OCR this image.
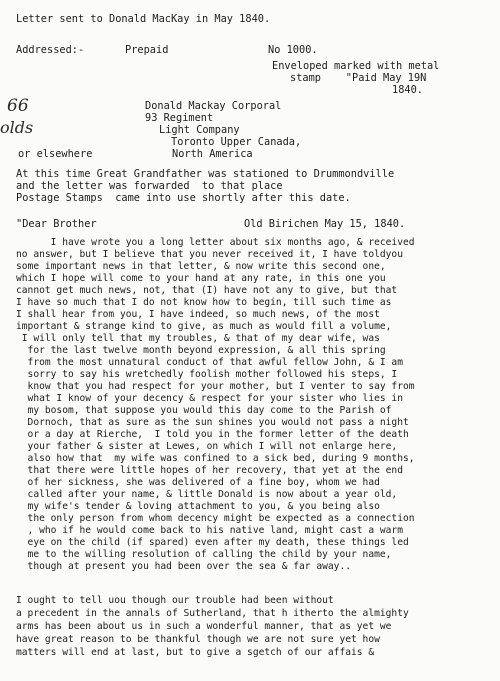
Letter sent to Donald MacKay in May 1840.
Addressed:-	Prepaid	No 1000.
Enveloped marked with metal
stamp    "Paid May 19N
1840.
66
olds
Donald Mackay Corporal
93 Regiment
Light Company
Toronto Upper Canada,
or elsewhere	North America
At this time Great Grandfather was stationed to Drummondville
and the letter was forwarded  to that place
Postage Stamps  came into use shortly after this date.
"Dear Brother	Old Birichen May 15, 1840.
I have wrote you a long letter about six months ago, & received
no answer, but I believe that you never received it, I have toldyou
some important news in that letter, & now write this second one,
which I hope will come to your hand at any rate, in this one you
cannot get much news, not, that (I) have not any to give, but that
I have so much that I do not know how to begin, till such time as
I shall hear from you, I have indeed, so much news, of the most
important & strange kind to give, as much as would fill a volume,
I will only tell that my troubles, & that of my dear wife, was
for the last twelve month beyond expression, & all this spring
from the most unnatural conduct of that awful fellow John, & I am
sorry to say his wretchedly foolish mother followed his steps, I
know that you had respect for your mother, but I venter to say from
what I know of your decency & respect for your sister who lies in
my bosom, that suppose you would this day come to the Parish of
Dornoch, that as sure as the sun shines you would not pass a night
or a day at Rierche,  I told you in the former letter of the death
your father & sister at Lewes, on which I will not enlarge here,
also how that  my wife was confined to a sick bed, during 9 months,
that there were little hopes of her recovery, that yet at the end
of her sickness, she was delivered of a fine boy, whom we had
called after your name, & little Donald is now about a year old,
my wife's tender & loving attachment to you, & you being also
the only person from whom decency might be expected as a connection
, who if he would come back to his native land, might cast a warm
eye on the child (if spared) even after my death, these things led
me to the willing resolution of calling the child by your name,
though at present you had been over the sea & far away..
I ought to tell uou though our trouble had been without
a precedent in the annals of Sutherland, that h itherto the almighty
arms has been about us in such a wonderful manner, that as yet we
have great reason to be thankful though we are not sure yet how
matters will end at last, but to give a sgetch of our affais &
